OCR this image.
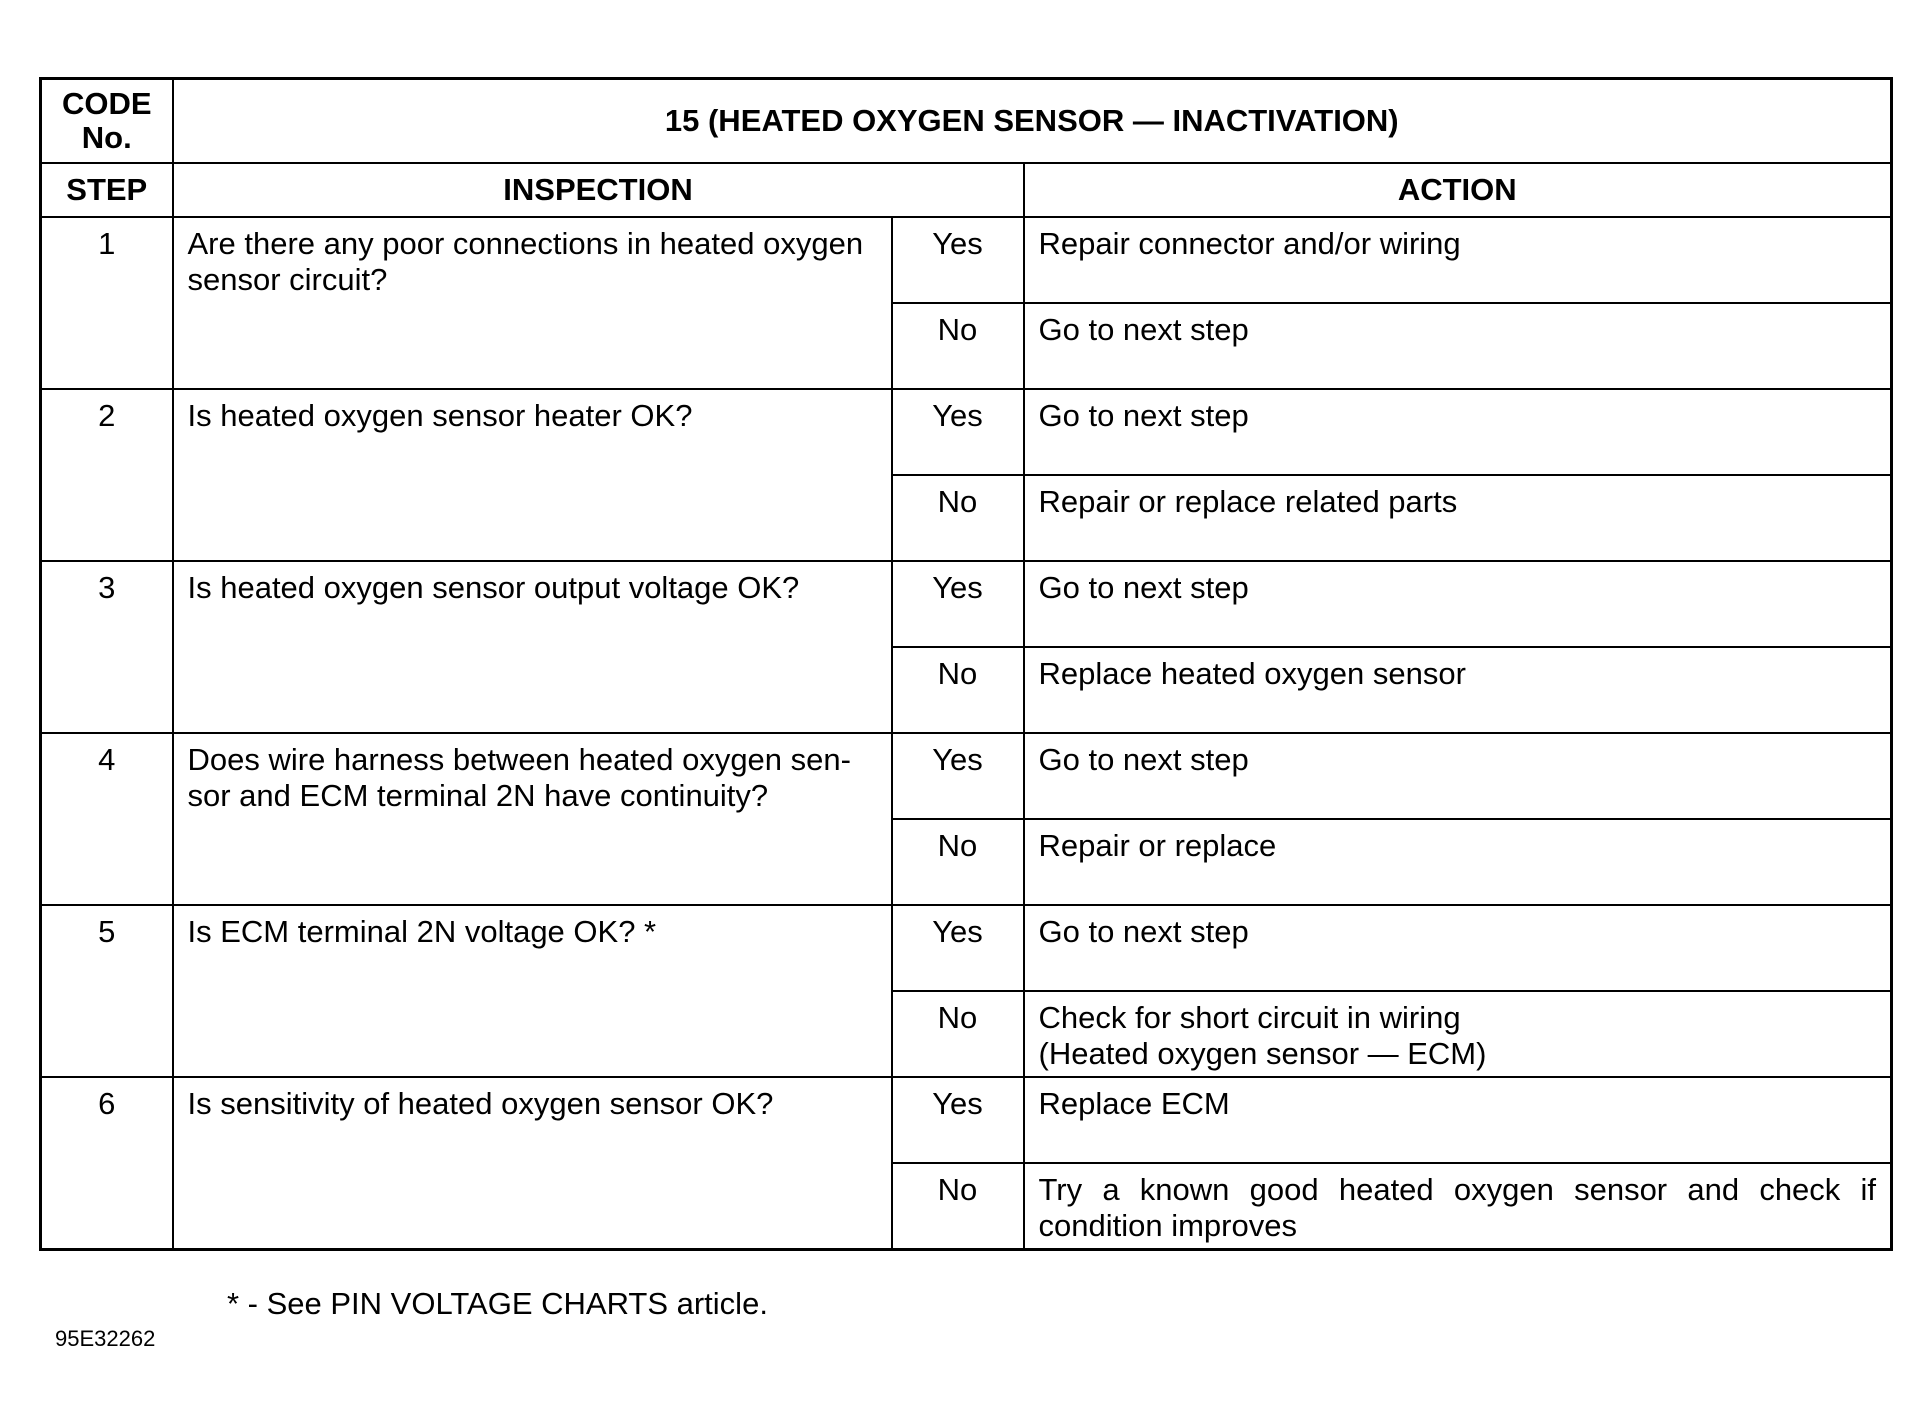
CODE
No.	15 (HEATED OXYGEN SENSOR — INACTIVATION)		
STEP	INSPECTION		ACTION
1	Are there any poor connections in heated oxygen sensor circuit?	Yes	Repair connector and/or wiring
		No	Go to next step
2	Is heated oxygen sensor heater OK?	Yes	Go to next step
		No	Repair or replace related parts
3	Is heated oxygen sensor output voltage OK?	Yes	Go to next step
		No	Replace heated oxygen sensor
4	Does wire harness between heated oxygen sen-
sor and ECM terminal 2N have continuity?	Yes	Go to next step
		No	Repair or replace
5	Is ECM terminal 2N voltage OK? *	Yes	Go to next step
		No	Check for short circuit in wiring
(Heated oxygen sensor — ECM)

6	Is sensitivity of heated oxygen sensor OK?	Yes	Replace ECM
		No	Try a known good heated oxygen sensor and check if condition improves
* - See PIN VOLTAGE CHARTS article.
95E32262
